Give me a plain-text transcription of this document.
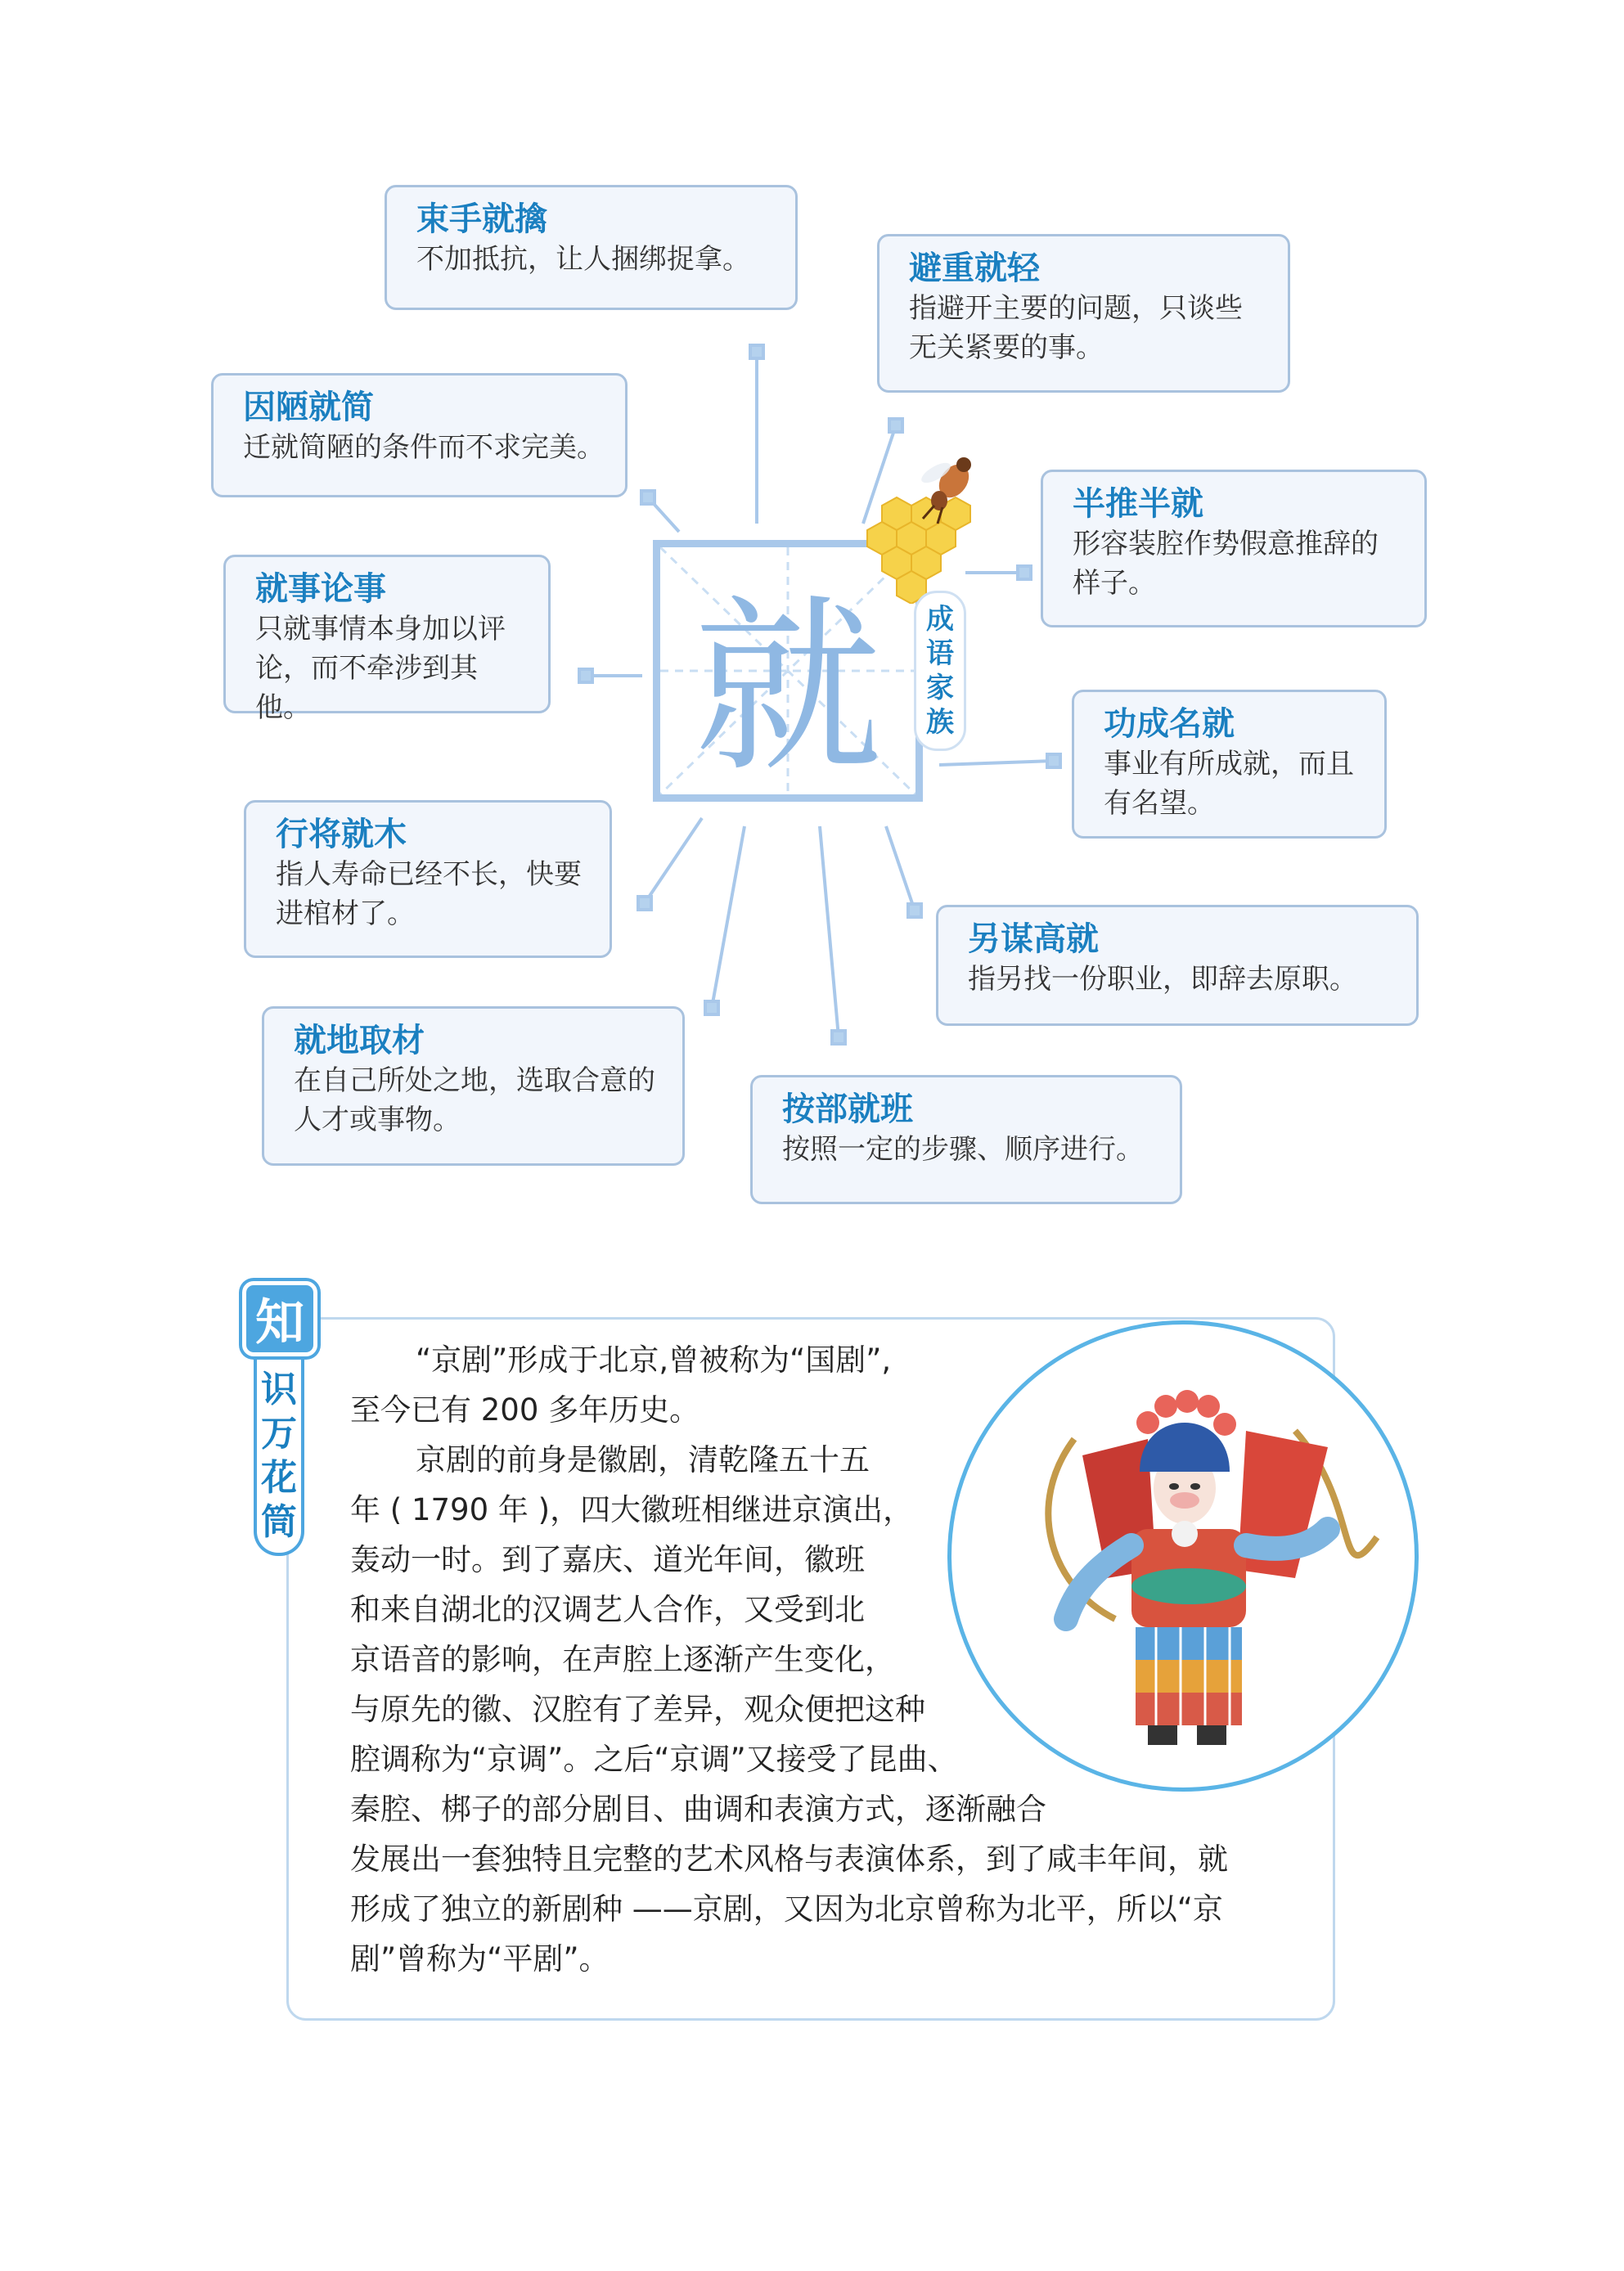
束手就擒
不加抵抗，让人捆绑捉拿。	避重就轻
指避开主要的问题，只谈些无关紧要的事。
因陋就简
迁就简陋的条件而不求完美。
半推半就
形容装腔作势假意推辞的样子。
就事论事
只就事情本身加以评论，而不牵涉到其他。	功成名就
事业有所成就，而且有名望。
行将就木
指人寿命已经不长，快要进棺材了。
另谋高就
指另找一份职业，即辞去原职。
就地取材
在自己所处之地，选取合意的人才或事物。	按部就班
按照一定的步骤、顺序进行。
就	成
语
家
族
知
识
万
花
筒
“京剧”形成于北京,曾被称为“国剧”,
至今已有 200 多年历史。
京剧的前身是徽剧，清乾隆五十五
年 ( 1790 年 )，四大徽班相继进京演出，
轰动一时。到了嘉庆、道光年间，徽班
和来自湖北的汉调艺人合作，又受到北
京语音的影响，在声腔上逐渐产生变化，
与原先的徽、汉腔有了差异，观众便把这种
腔调称为“京调”。之后“京调”又接受了昆曲、
秦腔、梆子的部分剧目、曲调和表演方式，逐渐融合
发展出一套独特且完整的艺术风格与表演体系，到了咸丰年间，就
形成了独立的新剧种 ——京剧，又因为北京曾称为北平，所以“京
剧”曾称为“平剧”。
